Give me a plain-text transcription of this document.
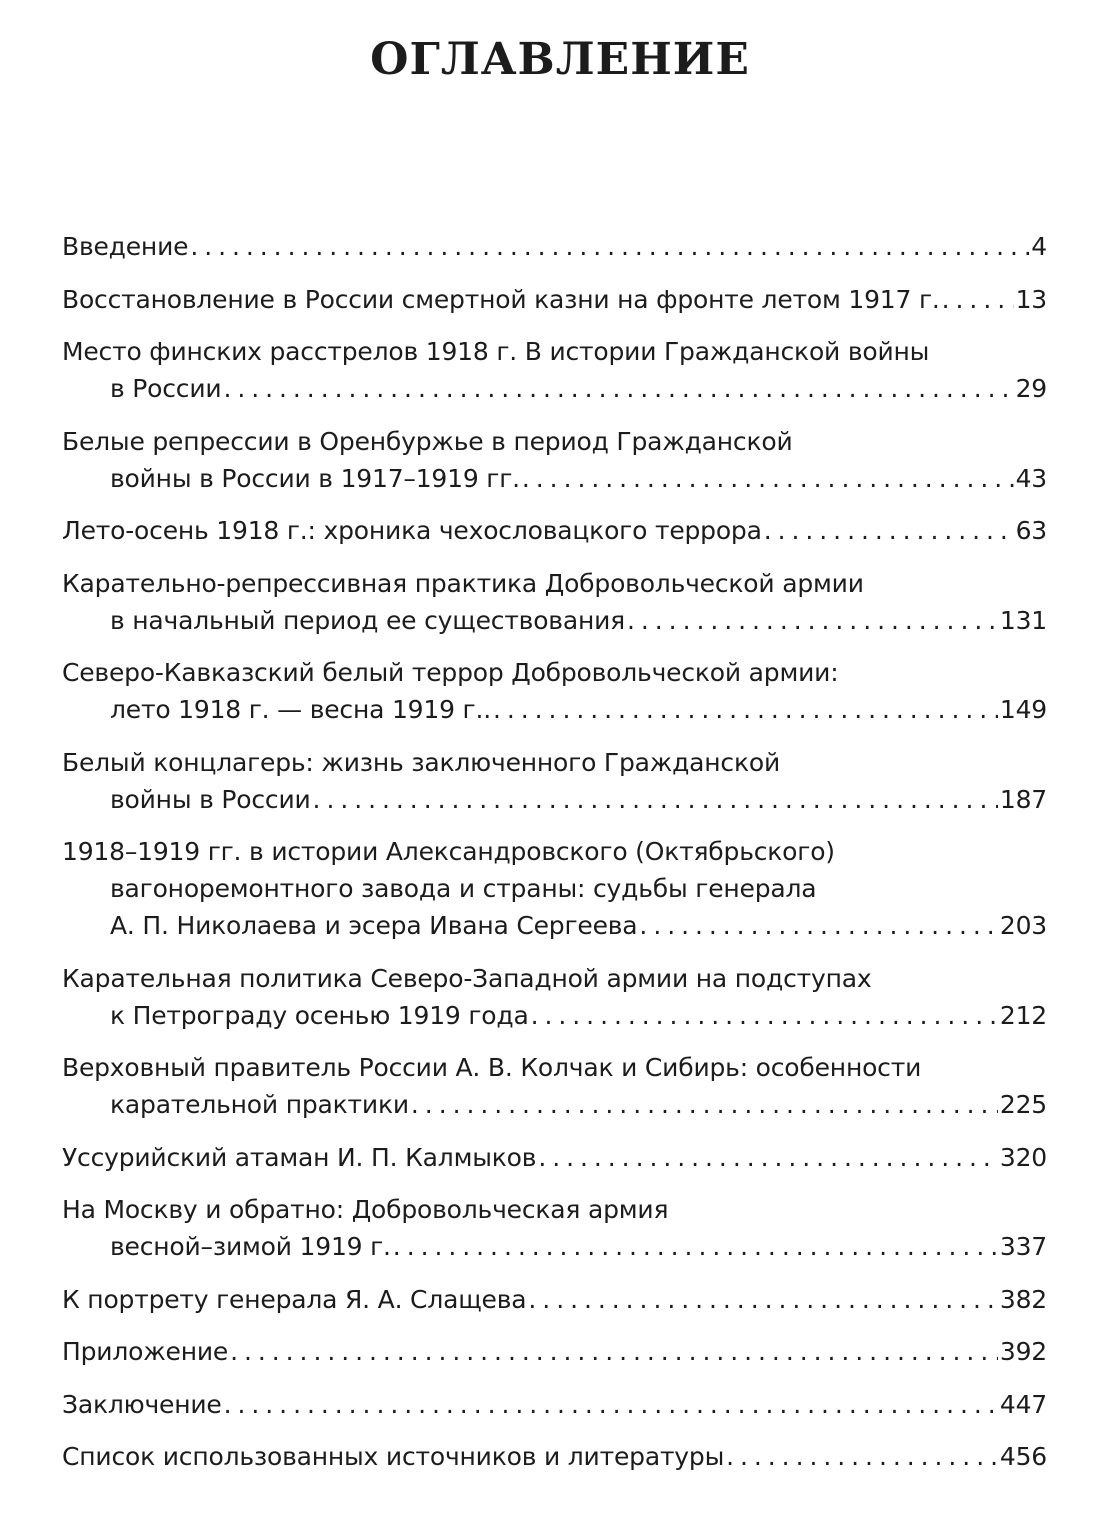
ОГЛАВЛЕНИЕ
Введение . . .	4
Восстановление в России смертной казни на фронте летом 1917 г. . . .	13
Место финских расстрелов 1918 г. В истории Гражданской войны
в России . . .	29
Белые репрессии в Оренбуржье в период Гражданской
войны в России в 1917–1919 гг. . . .	43
Лето-осень 1918 г.: хроника чехословацкого террора . . .	63
Карательно-репрессивная практика Добровольческой армии
в начальный период ее существования . . .	131
Северо-Кавказский белый террор Добровольческой армии:
лето 1918 г. — весна 1919 г.. . . .	149
Белый концлагерь: жизнь заключенного Гражданской
войны в России . . .	187
1918–1919 гг. в истории Александровского (Октябрьского)
вагоноремонтного завода и страны: судьбы генерала
А. П. Николаева и эсера Ивана Сергеева . . .	203
Карательная политика Северо-Западной армии на подступах
к Петрограду осенью 1919 года . . .	212
Верховный правитель России А. В. Колчак и Сибирь: особенности
карательной практики . . .	225
Уссурийский атаман И. П. Калмыков . . .	320
На Москву и обратно: Добровольческая армия
весной–зимой 1919 г. . . .	337
К портрету генерала Я. А. Слащева . . .	382
Приложение . . .	392
Заключение . . .	447
Список использованных источников и литературы . . .	456
